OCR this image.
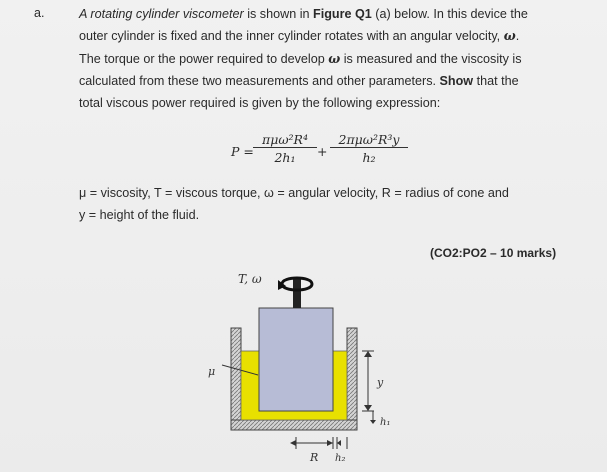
a.	A rotating cylinder viscometer is shown in Figure Q1 (a) below. In this device the
outer cylinder is fixed and the inner cylinder rotates with an angular velocity, ω.
The torque or the power required to develop ω is measured and the viscosity is
calculated from these two measurements and other parameters. Show that the
total viscous power required is given by the following expression:

P =
πμω²R⁴
2h₁	+
2πμω²R³y
h₂

μ = viscosity, T = viscous torque, ω = angular velocity, R = radius of cone and
y = height of the fluid.

(CO2:PO2 – 10 marks)
T, ω
μ
y
h₁
R h₂
